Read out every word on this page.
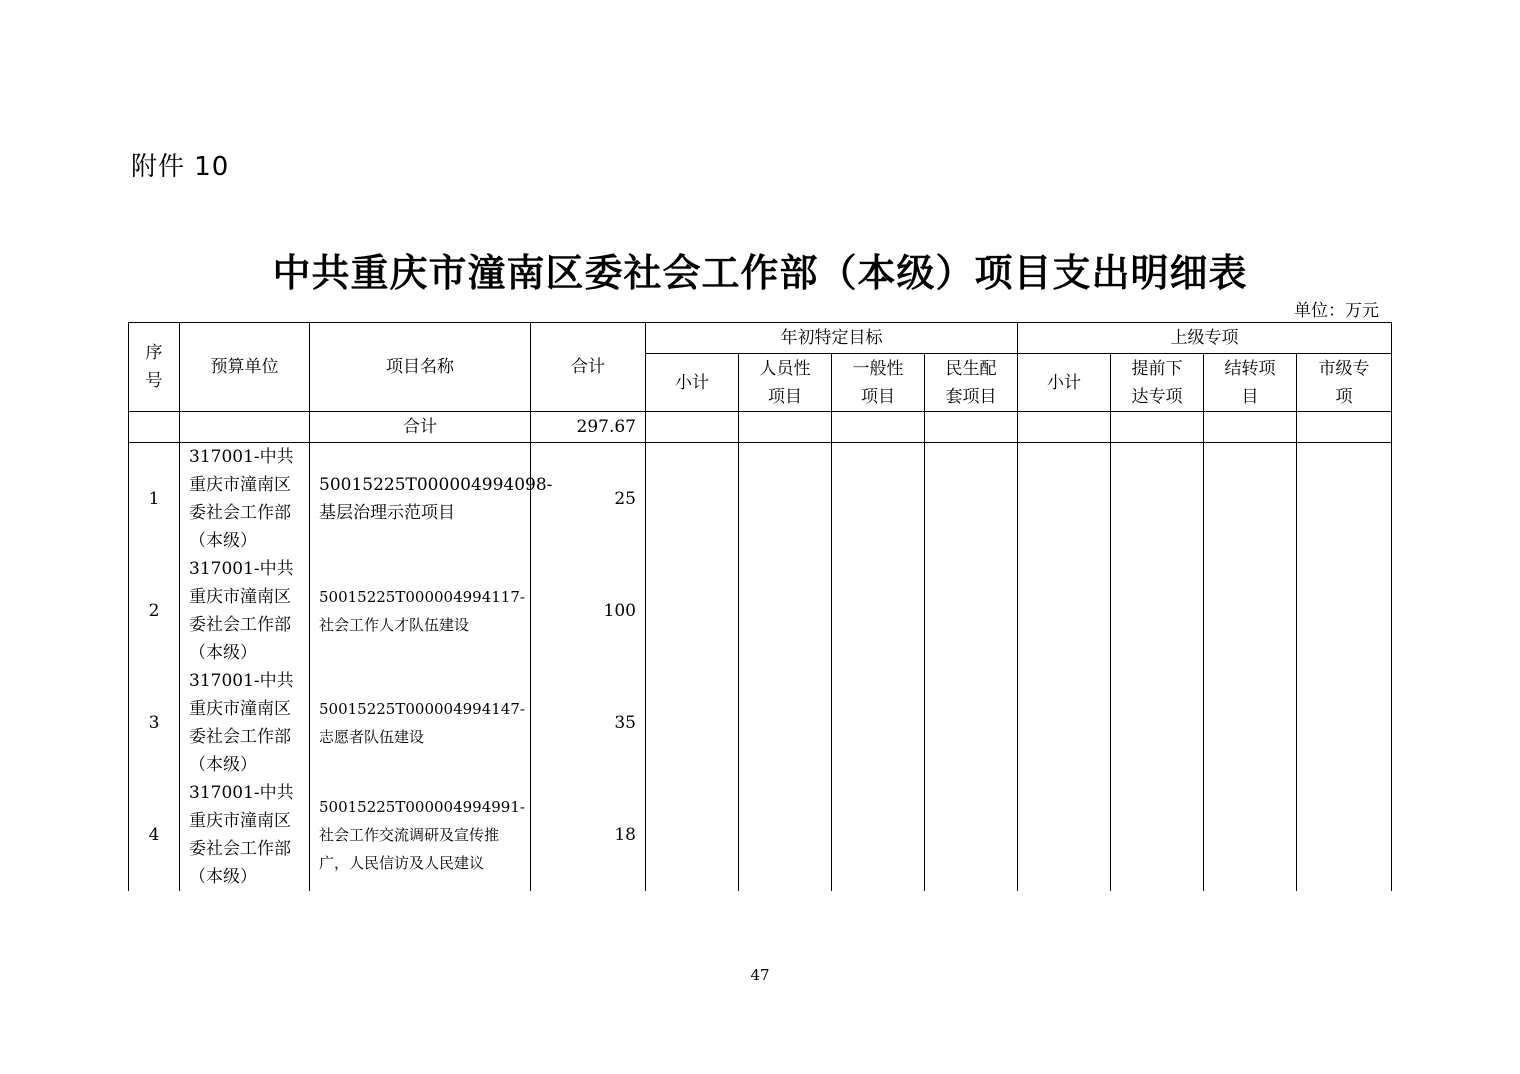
附件 10
中共重庆市潼南区委社会工作部（本级）项目支出明细表
单位：万元
序号	预算单位	项目名称	合计	年初特定目标				上级专项			
				小计	人员性项目	一般性项目	民生配套项目	小计	提前下达专项	结转项目	市级专项
		合计	297.67								
1	317001-中共重庆市潼南区委社会工作部（本级）	50015225T000004994098-基层治理示范项目	25								
2	317001-中共重庆市潼南区委社会工作部（本级）	50015225T000004994117-社会工作人才队伍建设	100								
3	317001-中共重庆市潼南区委社会工作部（本级）	50015225T000004994147-志愿者队伍建设	35								
4	317001-中共重庆市潼南区委社会工作部（本级）	50015225T000004994991-社会工作交流调研及宣传推广，人民信访及人民建议	18								
47
